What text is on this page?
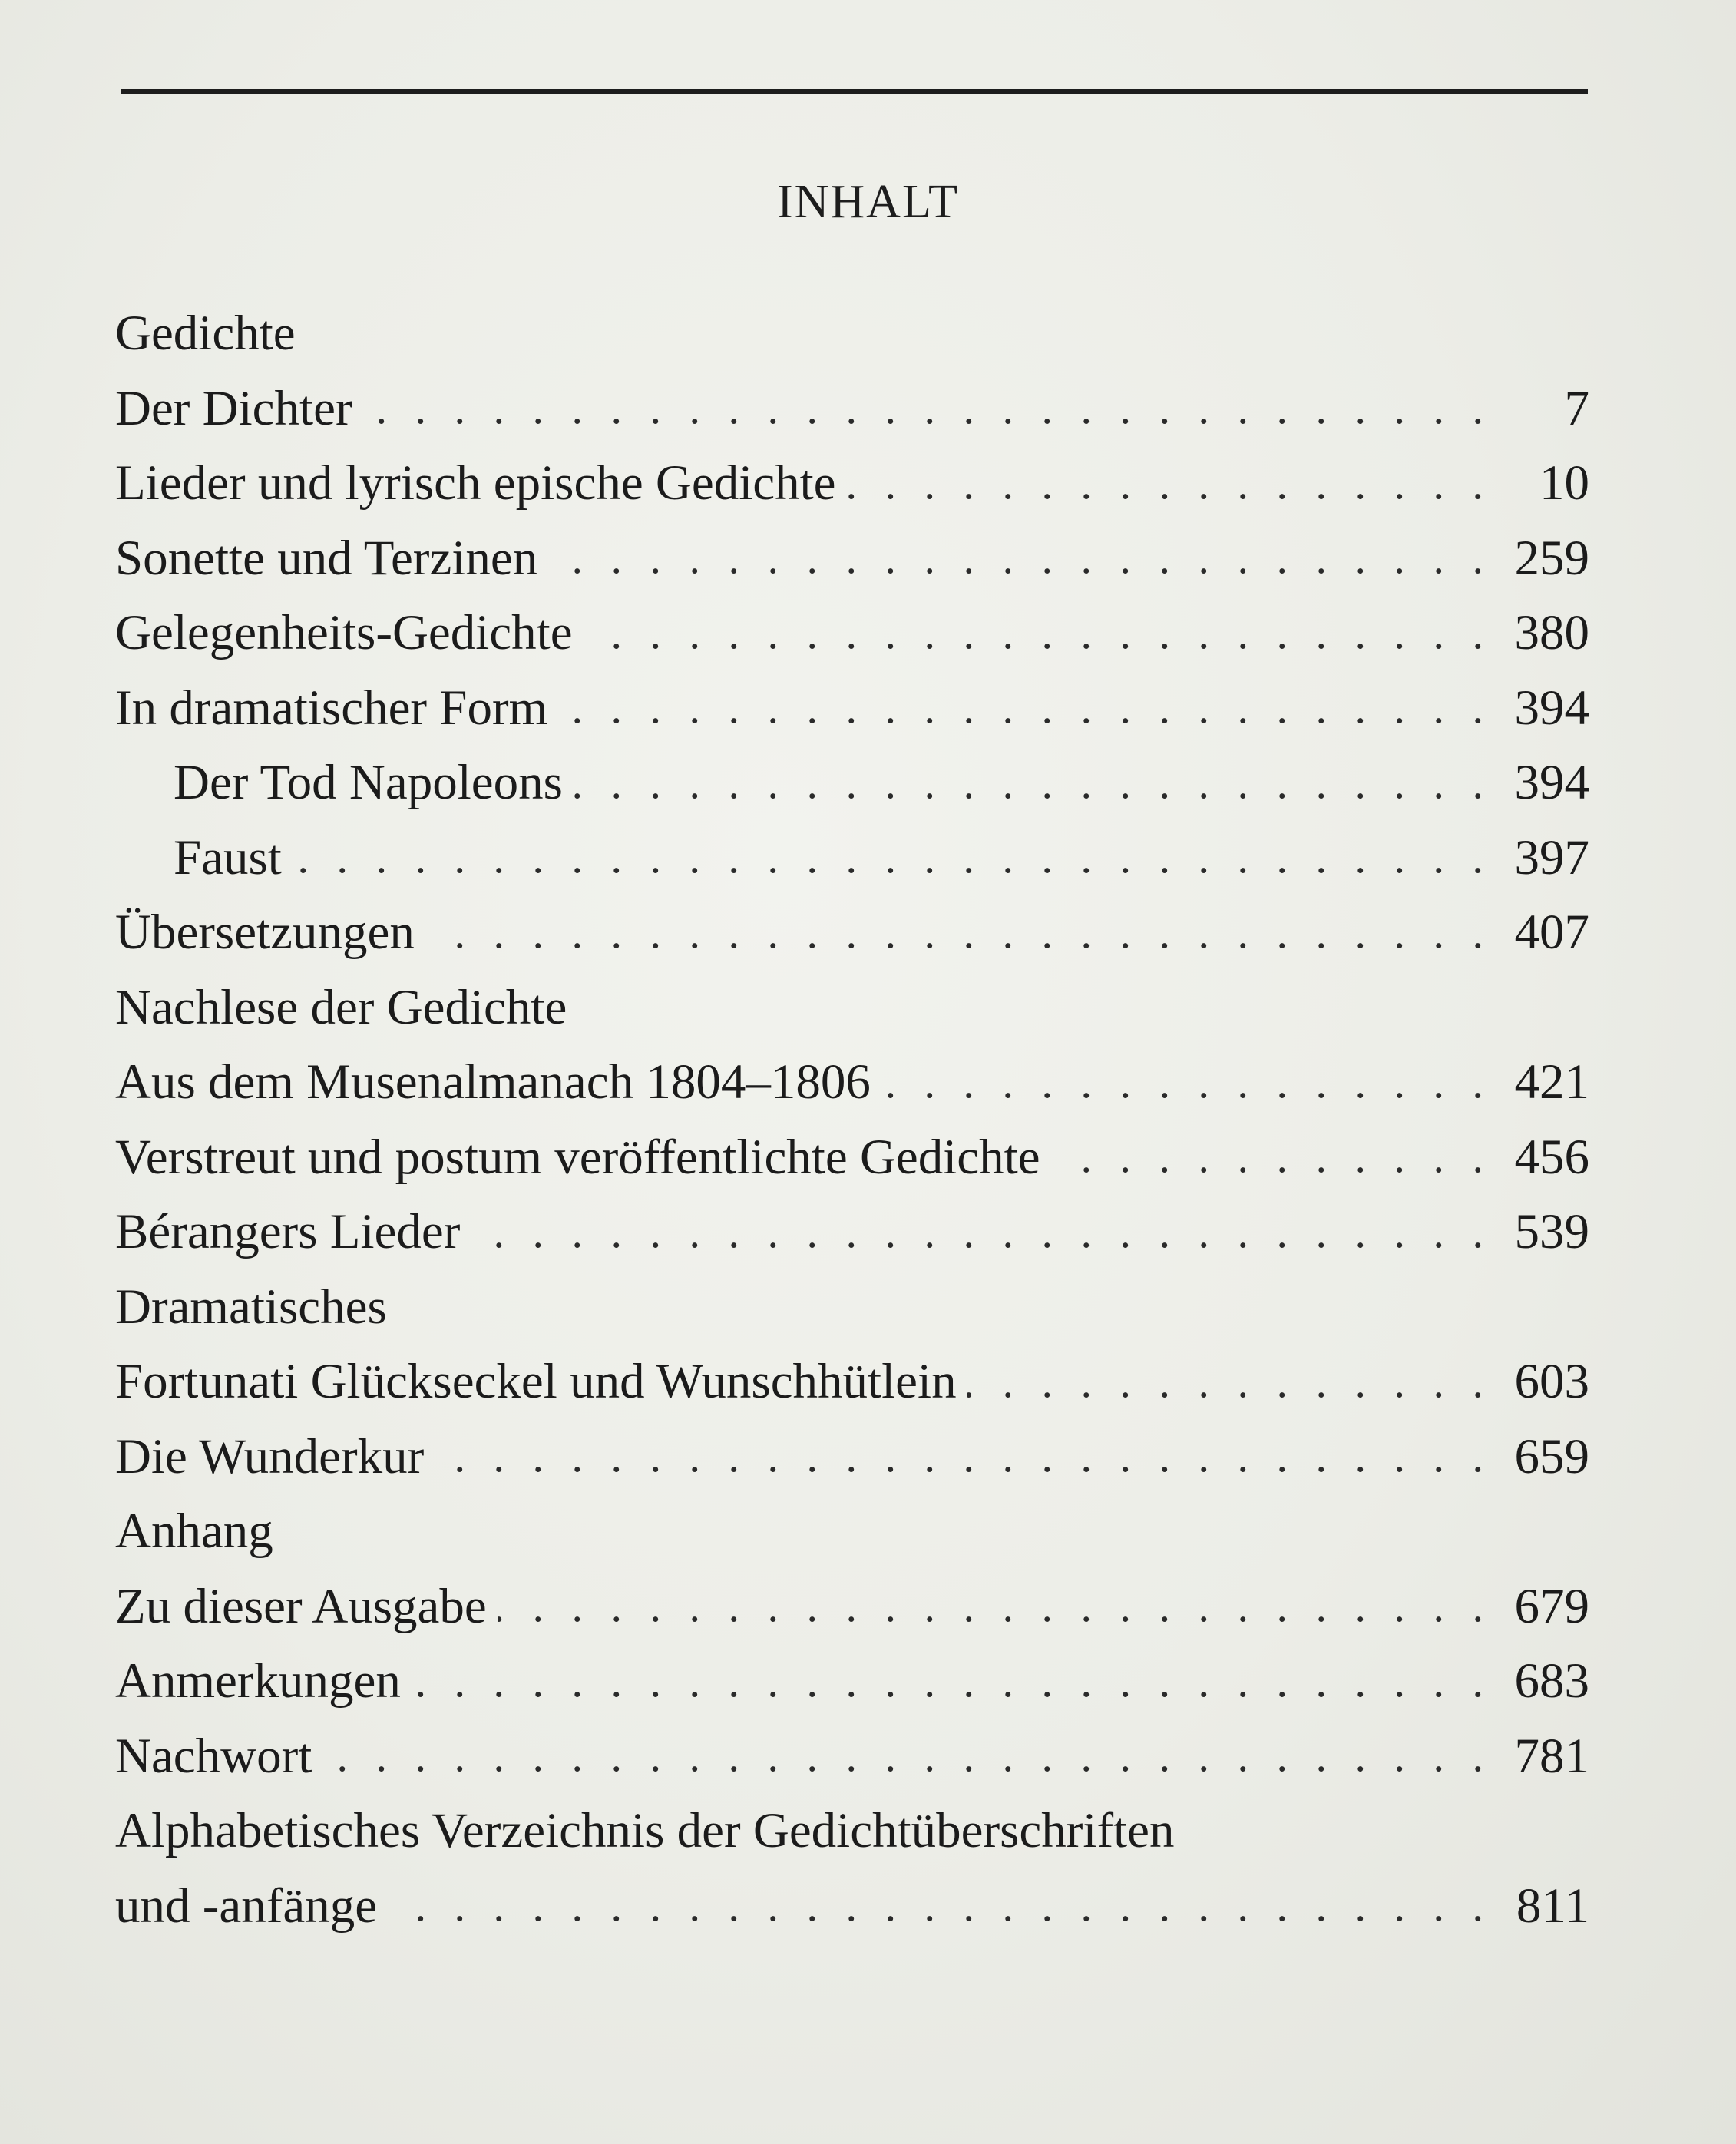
INHALT
Gedichte
Der Dichter . . .	7
Lieder und lyrisch epische Gedichte . . .	10
Sonette und Terzinen . . .	259
Gelegenheits-Gedichte . . .	380
In dramatischer Form . . .	394
Der Tod Napoleons . . .	394
Faust . . .	397
Übersetzungen . . .	407
Nachlese der Gedichte
Aus dem Musenalmanach 1804–1806 . . .	421
Verstreut und postum veröffentlichte Gedichte . . .	456
Bérangers Lieder . . .	539
Dramatisches
Fortunati Glückseckel und Wunschhütlein . . .	603
Die Wunderkur . . .	659
Anhang
Zu dieser Ausgabe . . .	679
Anmerkungen . . .	683
Nachwort . . .	781
Alphabetisches Verzeichnis der Gedichtüberschriften
und -anfänge . . .	811
